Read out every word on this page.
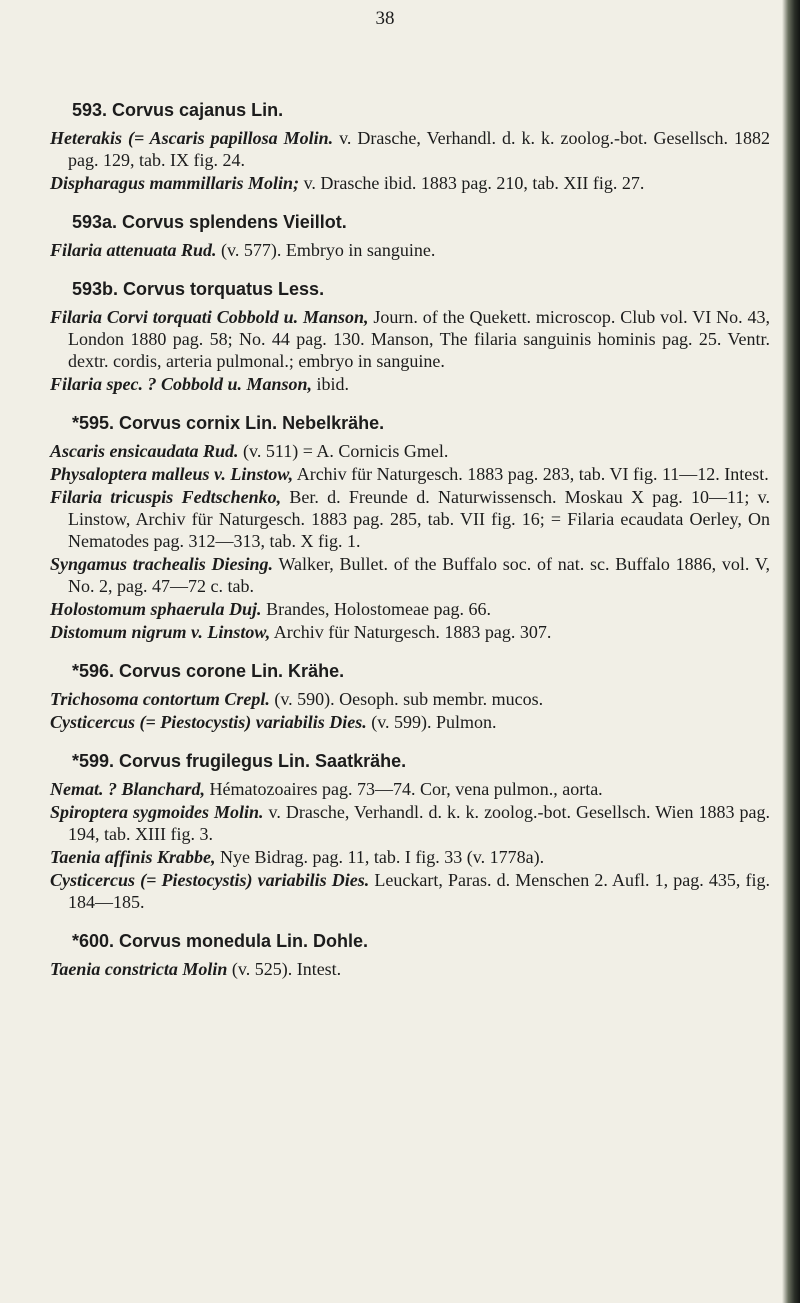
38
593. Corvus cajanus Lin.
Heterakis (= Ascaris papillosa Molin. v. Drasche, Verhandl. d. k. k. zoolog.-bot. Gesellsch. 1882 pag. 129, tab. IX fig. 24.
Dispharagus mammillaris Molin; v. Drasche ibid. 1883 pag. 210, tab. XII fig. 27.
593a. Corvus splendens Vieillot.
Filaria attenuata Rud. (v. 577). Embryo in sanguine.
593b. Corvus torquatus Less.
Filaria Corvi torquati Cobbold u. Manson, Journ. of the Quekett. microscop. Club vol. VI No. 43, London 1880 pag. 58; No. 44 pag. 130. Manson, The filaria sanguinis hominis pag. 25. Ventr. dextr. cordis, arteria pulmonal.; embryo in sanguine.
Filaria spec. ? Cobbold u. Manson, ibid.
*595. Corvus cornix Lin. Nebelkrähe.
Ascaris ensicaudata Rud. (v. 511) = A. Cornicis Gmel.
Physaloptera malleus v. Linstow, Archiv für Naturgesch. 1883 pag. 283, tab. VI fig. 11—12. Intest.
Filaria tricuspis Fedtschenko, Ber. d. Freunde d. Naturwissensch. Moskau X pag. 10—11; v. Linstow, Archiv für Naturgesch. 1883 pag. 285, tab. VII fig. 16; = Filaria ecaudata Oerley, On Nematodes pag. 312—313, tab. X fig. 1.
Syngamus trachealis Diesing. Walker, Bullet. of the Buffalo soc. of nat. sc. Buffalo 1886, vol. V, No. 2, pag. 47—72 c. tab.
Holostomum sphaerula Duj. Brandes, Holostomeae pag. 66.
Distomum nigrum v. Linstow, Archiv für Naturgesch. 1883 pag. 307.
*596. Corvus corone Lin. Krähe.
Trichosoma contortum Crepl. (v. 590). Oesoph. sub membr. mucos.
Cysticercus (= Piestocystis) variabilis Dies. (v. 599). Pulmon.
*599. Corvus frugilegus Lin. Saatkrähe.
Nemat. ? Blanchard, Hématozoaires pag. 73—74. Cor, vena pulmon., aorta.
Spiroptera sygmoides Molin. v. Drasche, Verhandl. d. k. k. zoolog.-bot. Gesellsch. Wien 1883 pag. 194, tab. XIII fig. 3.
Taenia affinis Krabbe, Nye Bidrag. pag. 11, tab. I fig. 33 (v. 1778a).
Cysticercus (= Piestocystis) variabilis Dies. Leuckart, Paras. d. Menschen 2. Aufl. 1, pag. 435, fig. 184—185.
*600. Corvus monedula Lin. Dohle.
Taenia constricta Molin (v. 525). Intest.
